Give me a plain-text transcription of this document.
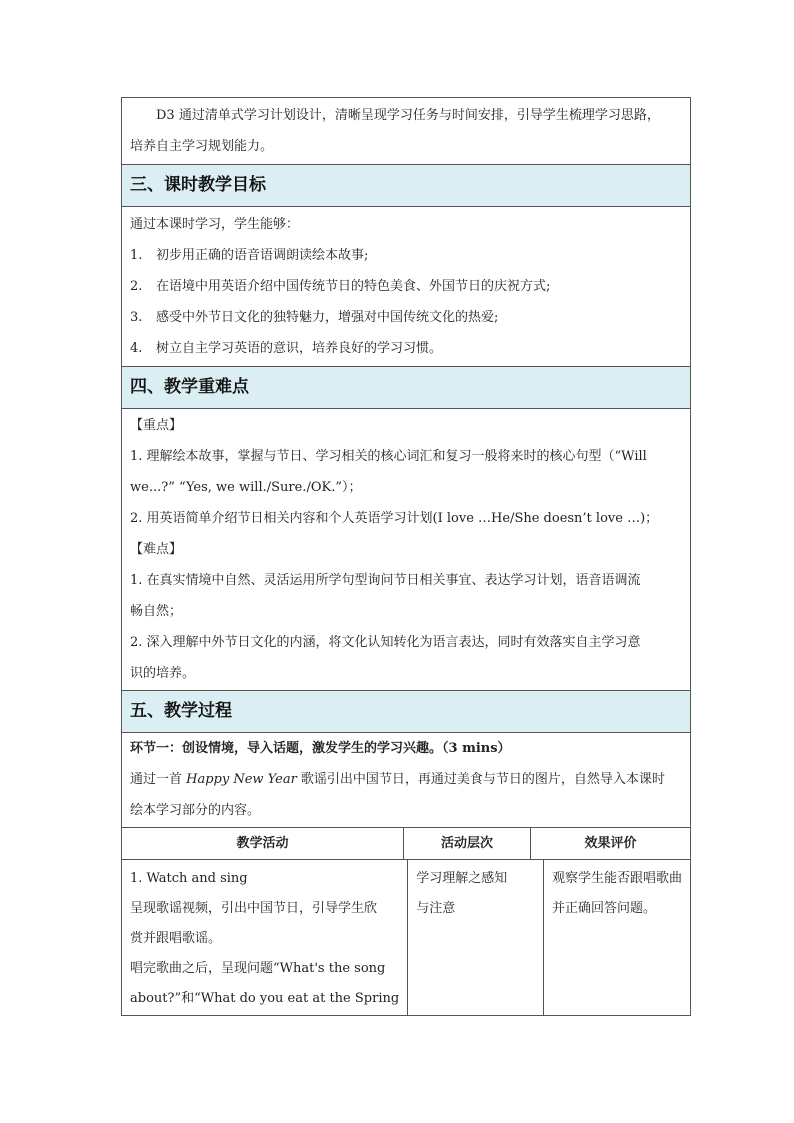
D3 通过清单式学习计划设计，清晰呈现学习任务与时间安排，引导学生梳理学习思路，
培养自主学习规划能力。
三、课时教学目标
通过本课时学习，学生能够：
1. 初步用正确的语音语调朗读绘本故事;
2. 在语境中用英语介绍中国传统节日的特色美食、外国节日的庆祝方式;
3. 感受中外节日文化的独特魅力，增强对中国传统文化的热爱;
4. 树立自主学习英语的意识，培养良好的学习习惯。
四、教学重难点
【重点】
1. 理解绘本故事，掌握与节日、学习相关的核心词汇和复习一般将来时的核心句型（“Will
we...?” “Yes, we will./Sure./OK.”）；
2. 用英语简单介绍节日相关内容和个人英语学习计划(I love …He/She doesn’t love …)；
【难点】
1. 在真实情境中自然、灵活运用所学句型询问节日相关事宜、表达学习计划，语音语调流
畅自然；
2. 深入理解中外节日文化的内涵，将文化认知转化为语言表达，同时有效落实自主学习意
识的培养。
五、教学过程
环节一：创设情境，导入话题，激发学生的学习兴趣。（3 mins）
通过一首 Happy New Year 歌谣引出中国节日，再通过美食与节日的图片，自然导入本课时
绘本学习部分的内容。
教学活动	活动层次	效果评价
1. Watch and sing
呈现歌谣视频，引出中国节日，引导学生欣
赏并跟唱歌谣。
唱完歌曲之后，呈现问题“What's the song
about?”和“What do you eat at the Spring
学习理解之感知
与注意
观察学生能否跟唱歌曲
并正确回答问题。
